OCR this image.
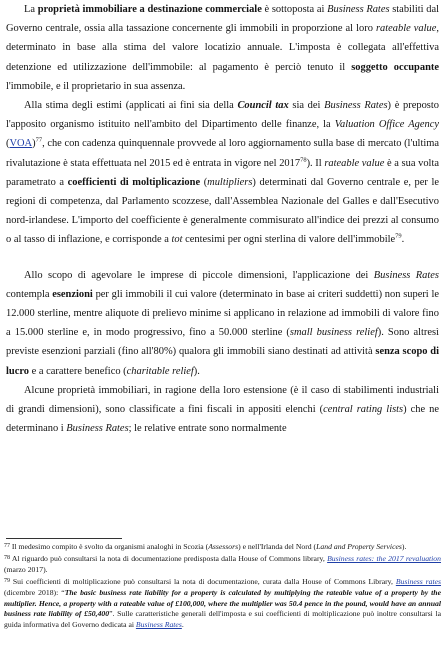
La proprietà immobiliare a destinazione commerciale è sottoposta ai Business Rates stabiliti dal Governo centrale, ossia alla tassazione concernente gli immobili in proporzione al loro rateable value, determinato in base alla stima del valore locatizio annuale. L'imposta è collegata all'effettiva detenzione ed utilizzazione dell'immobile: al pagamento è perciò tenuto il soggetto occupante l'immobile, e il proprietario in sua assenza.

Alla stima degli estimi (applicati ai fini sia della Council tax sia dei Business Rates) è preposto l'apposito organismo istituito nell'ambito del Dipartimento delle finanze, la Valuation Office Agency (VOA)$^{77}$, che con cadenza quinquennale provvede al loro aggiornamento sulla base di mercato (l'ultima rivalutazione è stata effettuata nel 2015 ed è entrata in vigore nel 2017$^{78}$). Il rateable value è a sua volta parametrato a coefficienti di moltiplicazione (multipliers) determinati dal Governo centrale e, per le regioni di competenza, dal Parlamento scozzese, dall'Assemblea Nazionale del Galles e dall'Esecutivo nord-irlandese. L'importo del coefficiente è generalmente commisurato all'indice dei prezzi al consumo o al tasso di inflazione, e corrisponde a tot centesimi per ogni sterlina di valore dell'immobile$^{79}$.

Allo scopo di agevolare le imprese di piccole dimensioni, l'applicazione dei Business Rates contempla esenzioni per gli immobili il cui valore (determinato in base ai criteri suddetti) non superi le 12.000 sterline, mentre aliquote di prelievo minime si applicano in relazione ad immobili di valore fino a 15.000 sterline e, in modo progressivo, fino a 50.000 sterline (small business relief). Sono altresì previste esenzioni parziali (fino all'80%) qualora gli immobili siano destinati ad attività senza scopo di lucro e a carattere benefico (charitable relief).

Alcune proprietà immobiliari, in ragione della loro estensione (è il caso di stabilimenti industriali di grandi dimensioni), sono classificate a fini fiscali in appositi elenchi (central rating lists) che ne determinano i Business Rates; le relative entrate sono normalmente

$^{77}$ Il medesimo compito è svolto da organismi analoghi in Scozia (Assessors) e nell'Irlanda del Nord (Land and Property Services).

$^{78}$ Al riguardo può consultarsi la nota di documentazione predisposta dalla House of Commons library, Business rates: the 2017 revaluation (marzo 2017).

$^{79}$ Sui coefficienti di moltiplicazione può consultarsi la nota di documentazione, curata dalla House of Commons Library, Business rates (dicembre 2018): “The basic business rate liability for a property is calculated by multiplying the rateable value of a property by the multiplier. Hence, a property with a rateable value of £100,000, where the multiplier was 50.4 pence in the pound, would have an annual business rate liability of £50,400”. Sulle caratteristiche generali dell'imposta e sui coefficienti di moltiplicazione può inoltre consultarsi la guida informativa del Governo dedicata ai Business Rates.
